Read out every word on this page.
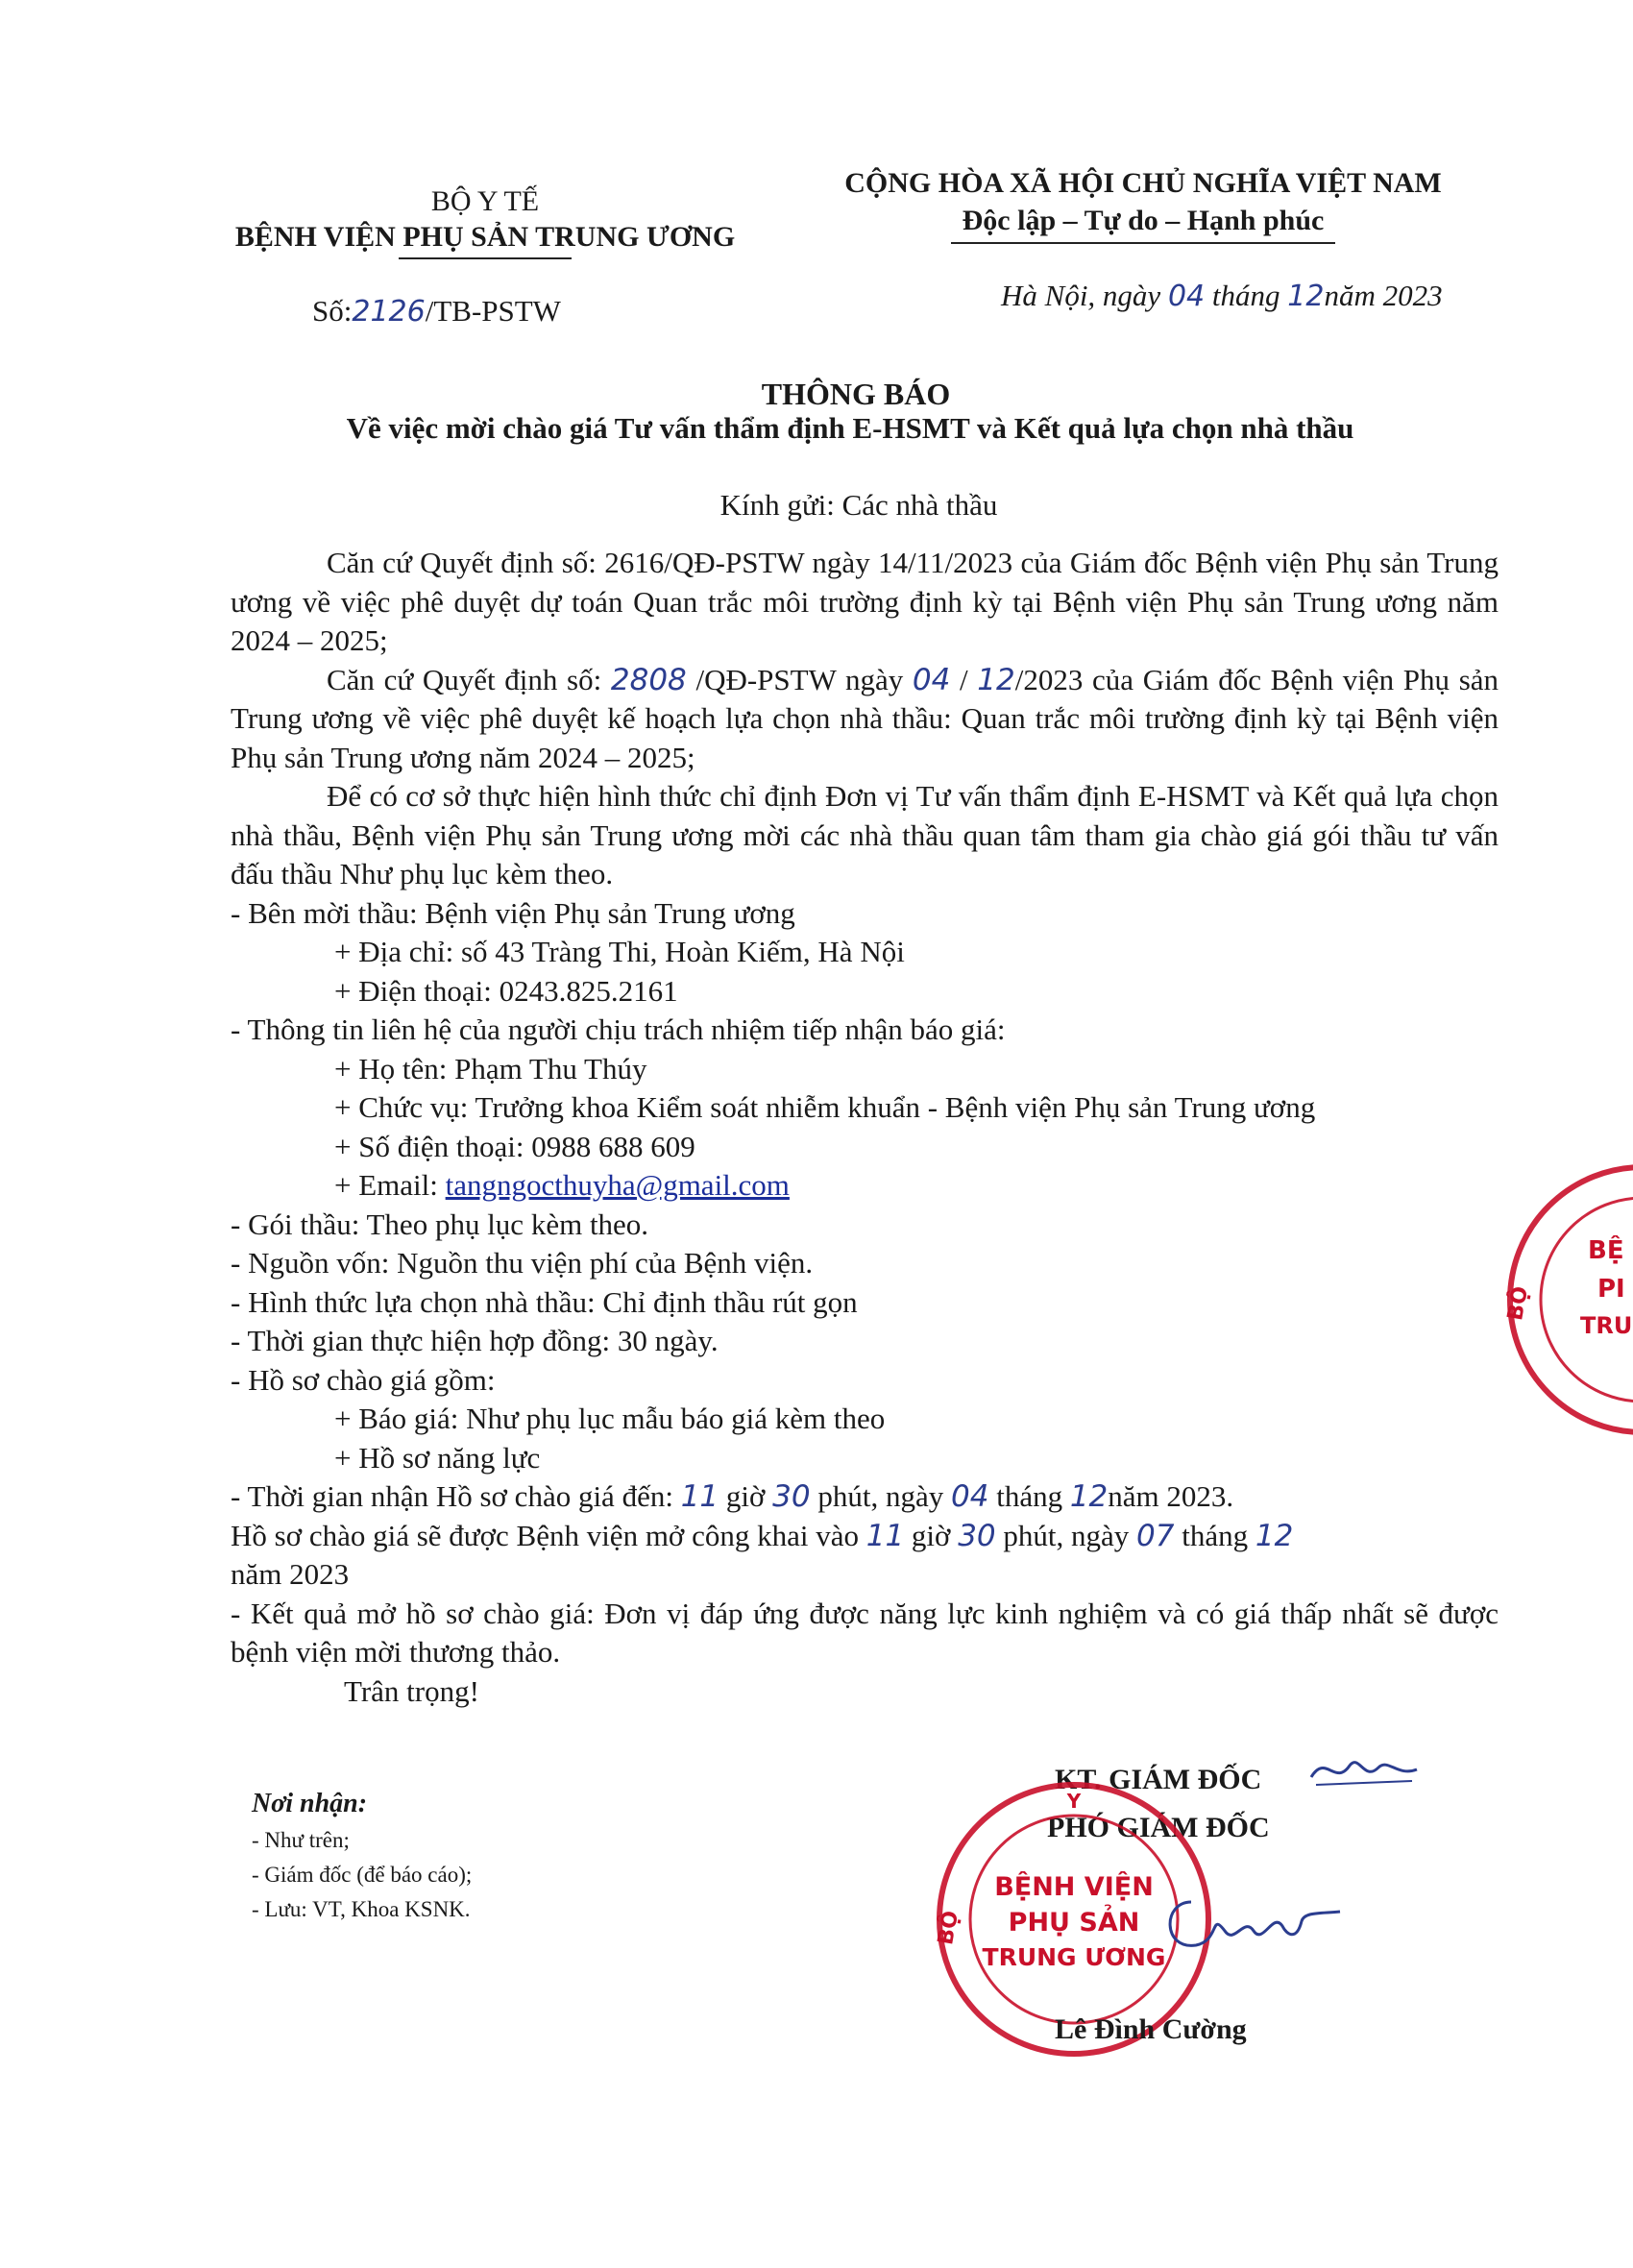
BỘ Y TẾ
BỆNH VIỆN PHỤ SẢN TRUNG ƯƠNG
CỘNG HÒA XÃ HỘI CHỦ NGHĨA VIỆT NAM
Độc lập – Tự do – Hạnh phúc
Số:2126/TB-PSTW	Hà Nội, ngày 04 tháng 12năm 2023
THÔNG BÁO
Về việc mời chào giá Tư vấn thẩm định E-HSMT và Kết quả lựa chọn nhà thầu
Kính gửi: Các nhà thầu

Căn cứ Quyết định số: 2616/QĐ-PSTW ngày 14/11/2023 của Giám đốc Bệnh viện Phụ sản Trung ương về việc phê duyệt dự toán Quan trắc môi trường định kỳ tại Bệnh viện Phụ sản Trung ương năm 2024 – 2025;

Căn cứ Quyết định số: 2808 /QĐ-PSTW ngày 04 / 12/2023 của Giám đốc Bệnh viện Phụ sản Trung ương về việc phê duyệt kế hoạch lựa chọn nhà thầu: Quan trắc môi trường định kỳ tại Bệnh viện Phụ sản Trung ương năm 2024 – 2025;

Để có cơ sở thực hiện hình thức chỉ định Đơn vị Tư vấn thẩm định E-HSMT và Kết quả lựa chọn nhà thầu, Bệnh viện Phụ sản Trung ương mời các nhà thầu quan tâm tham gia chào giá gói thầu tư vấn đấu thầu Như phụ lục kèm theo.

- Bên mời thầu: Bệnh viện Phụ sản Trung ương

+ Địa chỉ: số 43 Tràng Thi, Hoàn Kiếm, Hà Nội

+ Điện thoại: 0243.825.2161

- Thông tin liên hệ của người chịu trách nhiệm tiếp nhận báo giá:

+ Họ tên: Phạm Thu Thúy

+ Chức vụ: Trưởng khoa Kiểm soát nhiễm khuẩn - Bệnh viện Phụ sản Trung ương

+ Số điện thoại: 0988 688 609

+ Email: tangngocthuyha@gmail.com

- Gói thầu: Theo phụ lục kèm theo.

- Nguồn vốn: Nguồn thu viện phí của Bệnh viện.

- Hình thức lựa chọn nhà thầu: Chỉ định thầu rút gọn

- Thời gian thực hiện hợp đồng: 30 ngày.

- Hồ sơ chào giá gồm:

+ Báo giá: Như phụ lục mẫu báo giá kèm theo

+ Hồ sơ năng lực

- Thời gian nhận Hồ sơ chào giá đến: 11 giờ 30 phút, ngày 04 tháng 12năm 2023.

Hồ sơ chào giá sẽ được Bệnh viện mở công khai vào 11 giờ 30 phút, ngày 07 tháng 12

năm 2023

- Kết quả mở hồ sơ chào giá: Đơn vị đáp ứng được năng lực kinh nghiệm và có giá thấp nhất sẽ được bệnh viện mời thương thảo.

Trân trọng!

Nơi nhận:
- Như trên;
- Giám đốc (để báo cáo);
- Lưu: VT, Khoa KSNK.
KT. GIÁM ĐỐC
PHÓ GIÁM ĐỐC
BỆNH VIỆN
PHỤ SẢN
TRUNG ƯƠNG
BỘ
Y
Lê Đình Cường
BỆ
PI
TRU
BỘ
